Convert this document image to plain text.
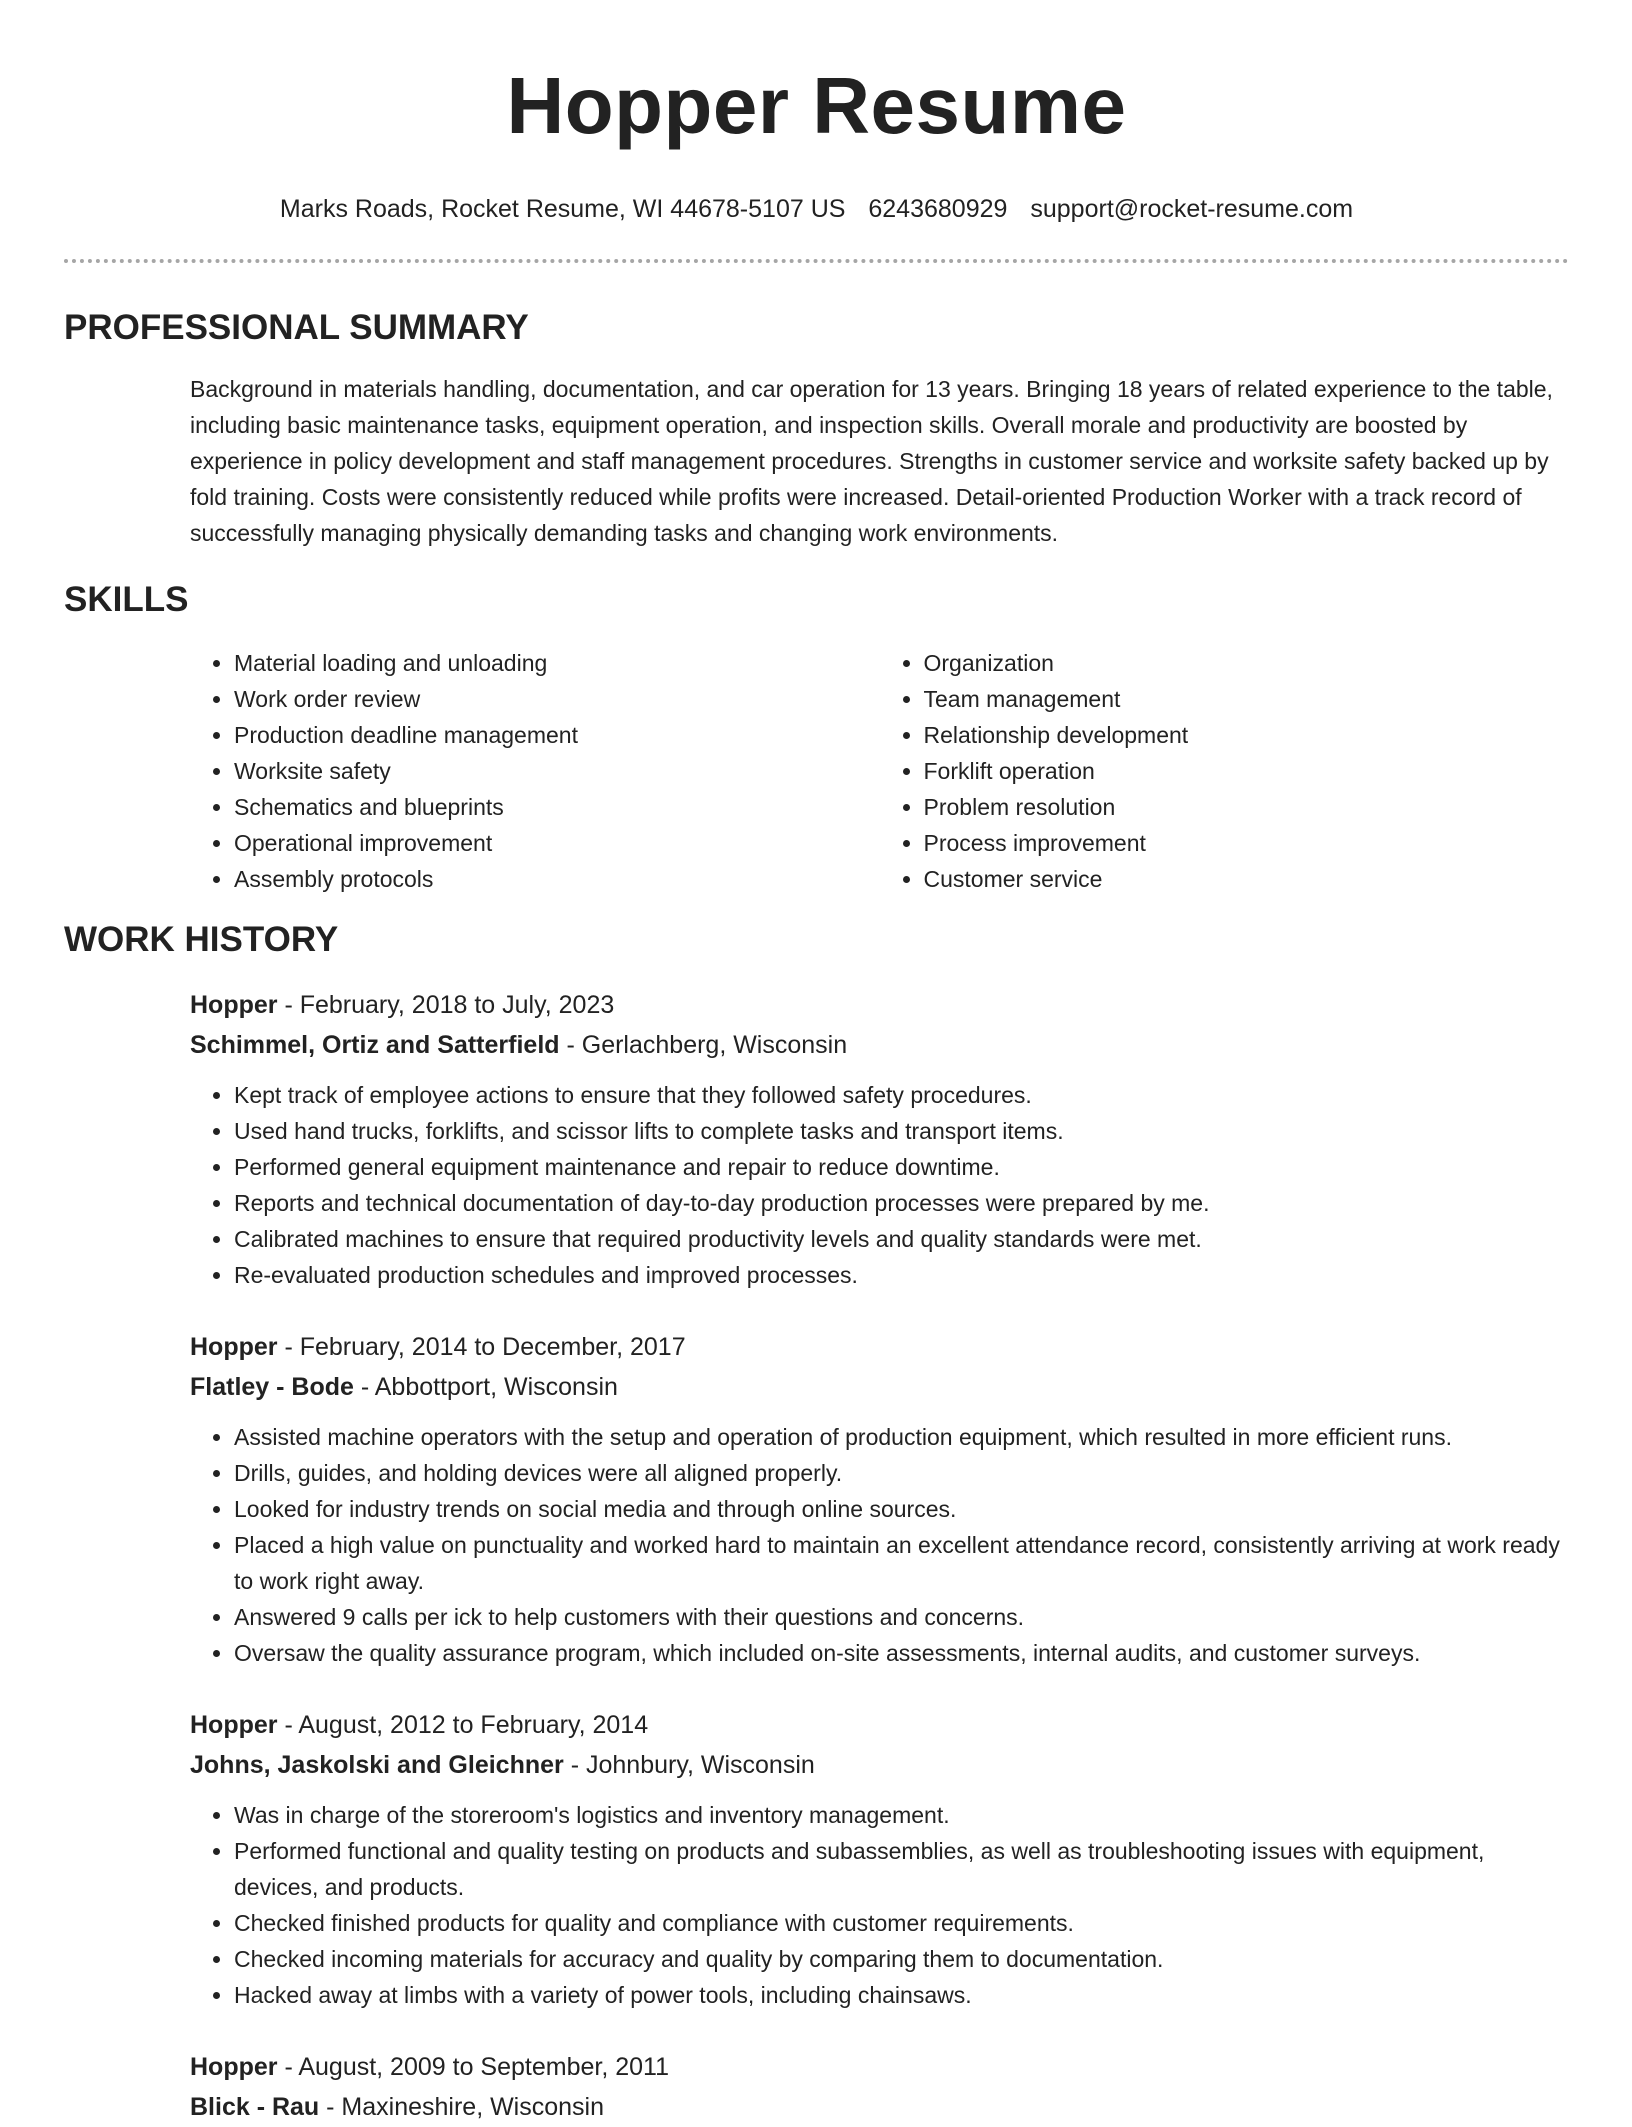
Hopper Resume
Marks Roads, Rocket Resume, WI 44678-5107 US 6243680929 support@rocket-resume.com
PROFESSIONAL SUMMARY
Background in materials handling, documentation, and car operation for 13 years. Bringing 18 years of related experience to the table, including basic maintenance tasks, equipment operation, and inspection skills. Overall morale and productivity are boosted by experience in policy development and staff management procedures. Strengths in customer service and worksite safety backed up by fold training. Costs were consistently reduced while profits were increased. Detail-oriented Production Worker with a track record of successfully managing physically demanding tasks and changing work environments.
SKILLS
• Material loading and unloading
• Work order review
• Production deadline management
• Worksite safety
• Schematics and blueprints
• Operational improvement
• Assembly protocols
• Organization
• Team management
• Relationship development
• Forklift operation
• Problem resolution
• Process improvement
• Customer service
WORK HISTORY
Hopper - February, 2018 to July, 2023
Schimmel, Ortiz and Satterfield - Gerlachberg, Wisconsin
• Kept track of employee actions to ensure that they followed safety procedures.
• Used hand trucks, forklifts, and scissor lifts to complete tasks and transport items.
• Performed general equipment maintenance and repair to reduce downtime.
• Reports and technical documentation of day-to-day production processes were prepared by me.
• Calibrated machines to ensure that required productivity levels and quality standards were met.
• Re-evaluated production schedules and improved processes.
Hopper - February, 2014 to December, 2017
Flatley - Bode - Abbottport, Wisconsin
• Assisted machine operators with the setup and operation of production equipment, which resulted in more efficient runs.
• Drills, guides, and holding devices were all aligned properly.
• Looked for industry trends on social media and through online sources.
• Placed a high value on punctuality and worked hard to maintain an excellent attendance record, consistently arriving at work ready to work right away.
• Answered 9 calls per ick to help customers with their questions and concerns.
• Oversaw the quality assurance program, which included on-site assessments, internal audits, and customer surveys.
Hopper - August, 2012 to February, 2014
Johns, Jaskolski and Gleichner - Johnbury, Wisconsin
• Was in charge of the storeroom's logistics and inventory management.
• Performed functional and quality testing on products and subassemblies, as well as troubleshooting issues with equipment, devices, and products.
• Checked finished products for quality and compliance with customer requirements.
• Checked incoming materials for accuracy and quality by comparing them to documentation.
• Hacked away at limbs with a variety of power tools, including chainsaws.
Hopper - August, 2009 to September, 2011
Blick - Rau - Maxineshire, Wisconsin
